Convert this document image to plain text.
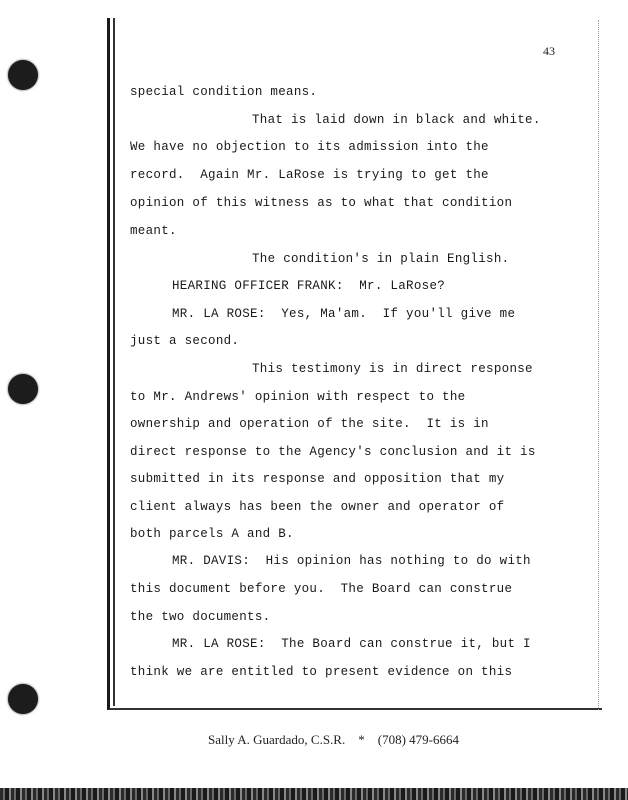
43
special condition means.
That is laid down in black and white.
We have no objection to its admission into the
record.  Again Mr. LaRose is trying to get the
opinion of this witness as to what that condition
meant.
The condition's in plain English.
HEARING OFFICER FRANK:  Mr. LaRose?
MR. LA ROSE:  Yes, Ma'am.  If you'll give me
just a second.
This testimony is in direct response
to Mr. Andrews' opinion with respect to the
ownership and operation of the site.  It is in
direct response to the Agency's conclusion and it is
submitted in its response and opposition that my
client always has been the owner and operator of
both parcels A and B.
MR. DAVIS:  His opinion has nothing to do with
this document before you.  The Board can construe
the two documents.
MR. LA ROSE:  The Board can construe it, but I
think we are entitled to present evidence on this
Sally A. Guardado, C.S.R. * (708) 479-6664
